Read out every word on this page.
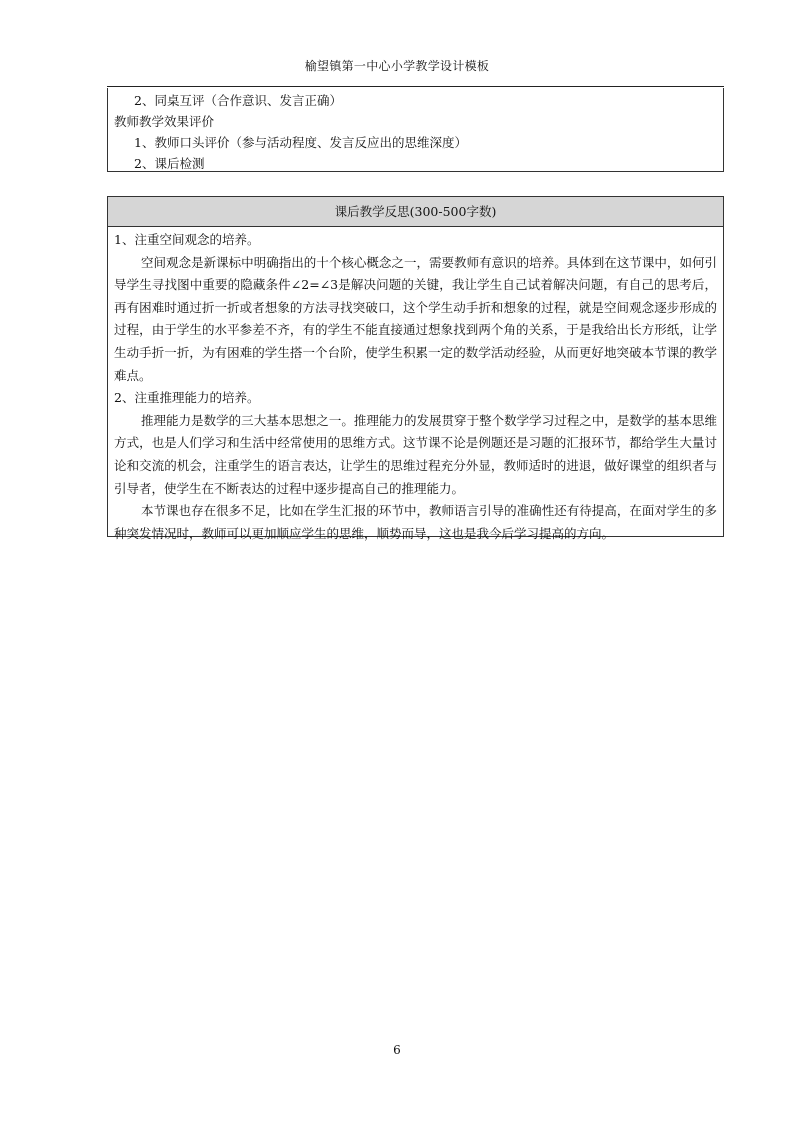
榆望镇第一中心小学教学设计模板
2、同桌互评（合作意识、发言正确）
教师教学效果评价
1、教师口头评价（参与活动程度、发言反应出的思维深度）
2、课后检测
课后教学反思(300-500字数)

1、注重空间观念的培养。

空间观念是新课标中明确指出的十个核心概念之一，需要教师有意识的培养。具体到在这节课中，如何引导学生寻找图中重要的隐藏条件∠2=∠3是解决问题的关键，我让学生自己试着解决问题，有自己的思考后，再有困难时通过折一折或者想象的方法寻找突破口，这个学生动手折和想象的过程，就是空间观念逐步形成的过程，由于学生的水平参差不齐，有的学生不能直接通过想象找到两个角的关系，于是我给出长方形纸，让学生动手折一折，为有困难的学生搭一个台阶，使学生积累一定的数学活动经验，从而更好地突破本节课的教学难点。

2、注重推理能力的培养。

推理能力是数学的三大基本思想之一。推理能力的发展贯穿于整个数学学习过程之中，是数学的基本思维方式，也是人们学习和生活中经常使用的思维方式。这节课不论是例题还是习题的汇报环节，都给学生大量讨论和交流的机会，注重学生的语言表达，让学生的思维过程充分外显，教师适时的进退，做好课堂的组织者与引导者，使学生在不断表达的过程中逐步提高自己的推理能力。

本节课也存在很多不足，比如在学生汇报的环节中，教师语言引导的准确性还有待提高，在面对学生的多种突发情况时，教师可以更加顺应学生的思维，顺势而导，这也是我今后学习提高的方向。

6
